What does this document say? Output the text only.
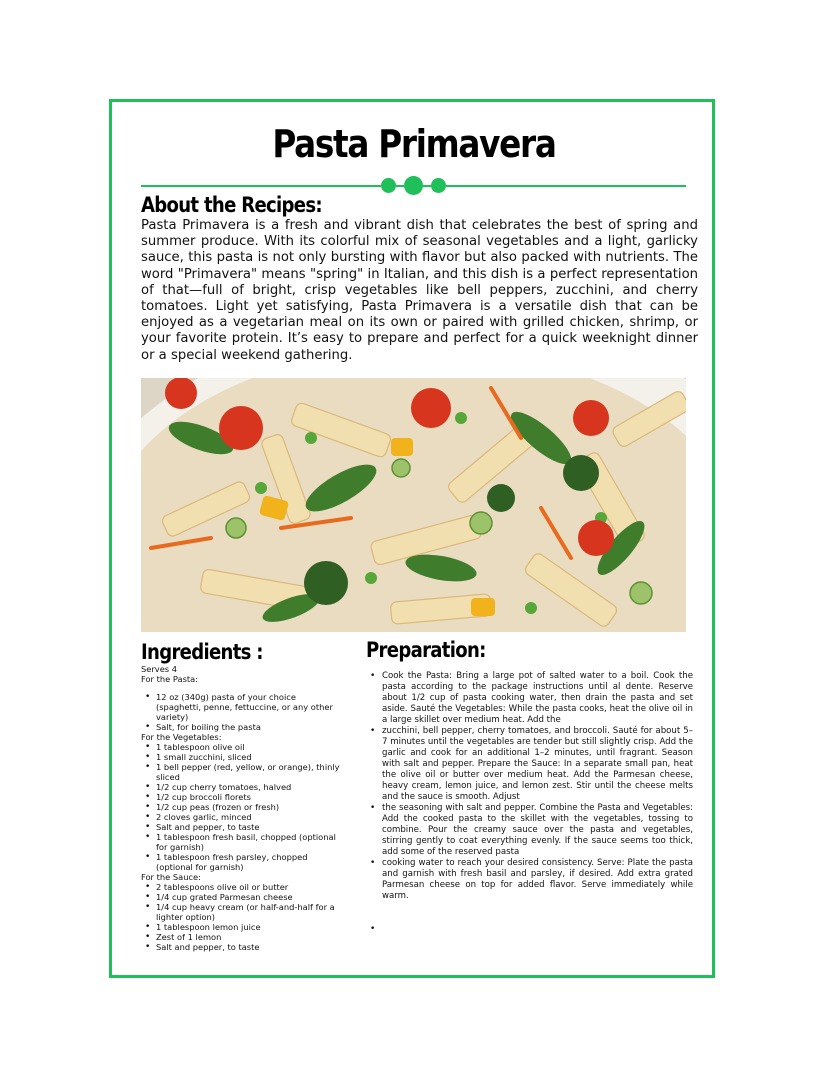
Pasta Primavera
About the Recipes:

Pasta Primavera is a fresh and vibrant dish that celebrates the best of spring and summer produce. With its colorful mix of seasonal vegetables and a light, garlicky sauce, this pasta is not only bursting with flavor but also packed with nutrients. The word "Primavera" means "spring" in Italian, and this dish is a perfect representation of that—full of bright, crisp vegetables like bell peppers, zucchini, and cherry tomatoes. Light yet satisfying, Pasta Primavera is a versatile dish that can be enjoyed as a vegetarian meal on its own or paired with grilled chicken, shrimp, or your favorite protein. It’s easy to prepare and perfect for a quick weeknight dinner or a special weekend gathering.

Ingredients :

Serves 4

For the Pasta:

• 12 oz (340g) pasta of your choice (spaghetti, penne, fettuccine, or any other variety)
• Salt, for boiling the pasta

For the Vegetables:

• 1 tablespoon olive oil
• 1 small zucchini, sliced
• 1 bell pepper (red, yellow, or orange), thinly sliced
• 1/2 cup cherry tomatoes, halved
• 1/2 cup broccoli florets
• 1/2 cup peas (frozen or fresh)
• 2 cloves garlic, minced
• Salt and pepper, to taste
• 1 tablespoon fresh basil, chopped (optional for garnish)
• 1 tablespoon fresh parsley, chopped (optional for garnish)

For the Sauce:

• 2 tablespoons olive oil or butter
• 1/4 cup grated Parmesan cheese
• 1/4 cup heavy cream (or half-and-half for a lighter option)
• 1 tablespoon lemon juice
• Zest of 1 lemon
• Salt and pepper, to taste
Preparation:
• Cook the Pasta: Bring a large pot of salted water to a boil. Cook the pasta according to the package instructions until al dente. Reserve about 1/2 cup of pasta cooking water, then drain the pasta and set aside. Sauté the Vegetables: While the pasta cooks, heat the olive oil in a large skillet over medium heat. Add the
• zucchini, bell pepper, cherry tomatoes, and broccoli. Sauté for about 5–7 minutes until the vegetables are tender but still slightly crisp. Add the garlic and cook for an additional 1–2 minutes, until fragrant. Season with salt and pepper. Prepare the Sauce: In a separate small pan, heat the olive oil or butter over medium heat. Add the Parmesan cheese, heavy cream, lemon juice, and lemon zest. Stir until the cheese melts and the sauce is smooth. Adjust
• the seasoning with salt and pepper. Combine the Pasta and Vegetables: Add the cooked pasta to the skillet with the vegetables, tossing to combine. Pour the creamy sauce over the pasta and vegetables, stirring gently to coat everything evenly. If the sauce seems too thick, add some of the reserved pasta
• cooking water to reach your desired consistency. Serve: Plate the pasta and garnish with fresh basil and parsley, if desired. Add extra grated Parmesan cheese on top for added flavor. Serve immediately while warm.
